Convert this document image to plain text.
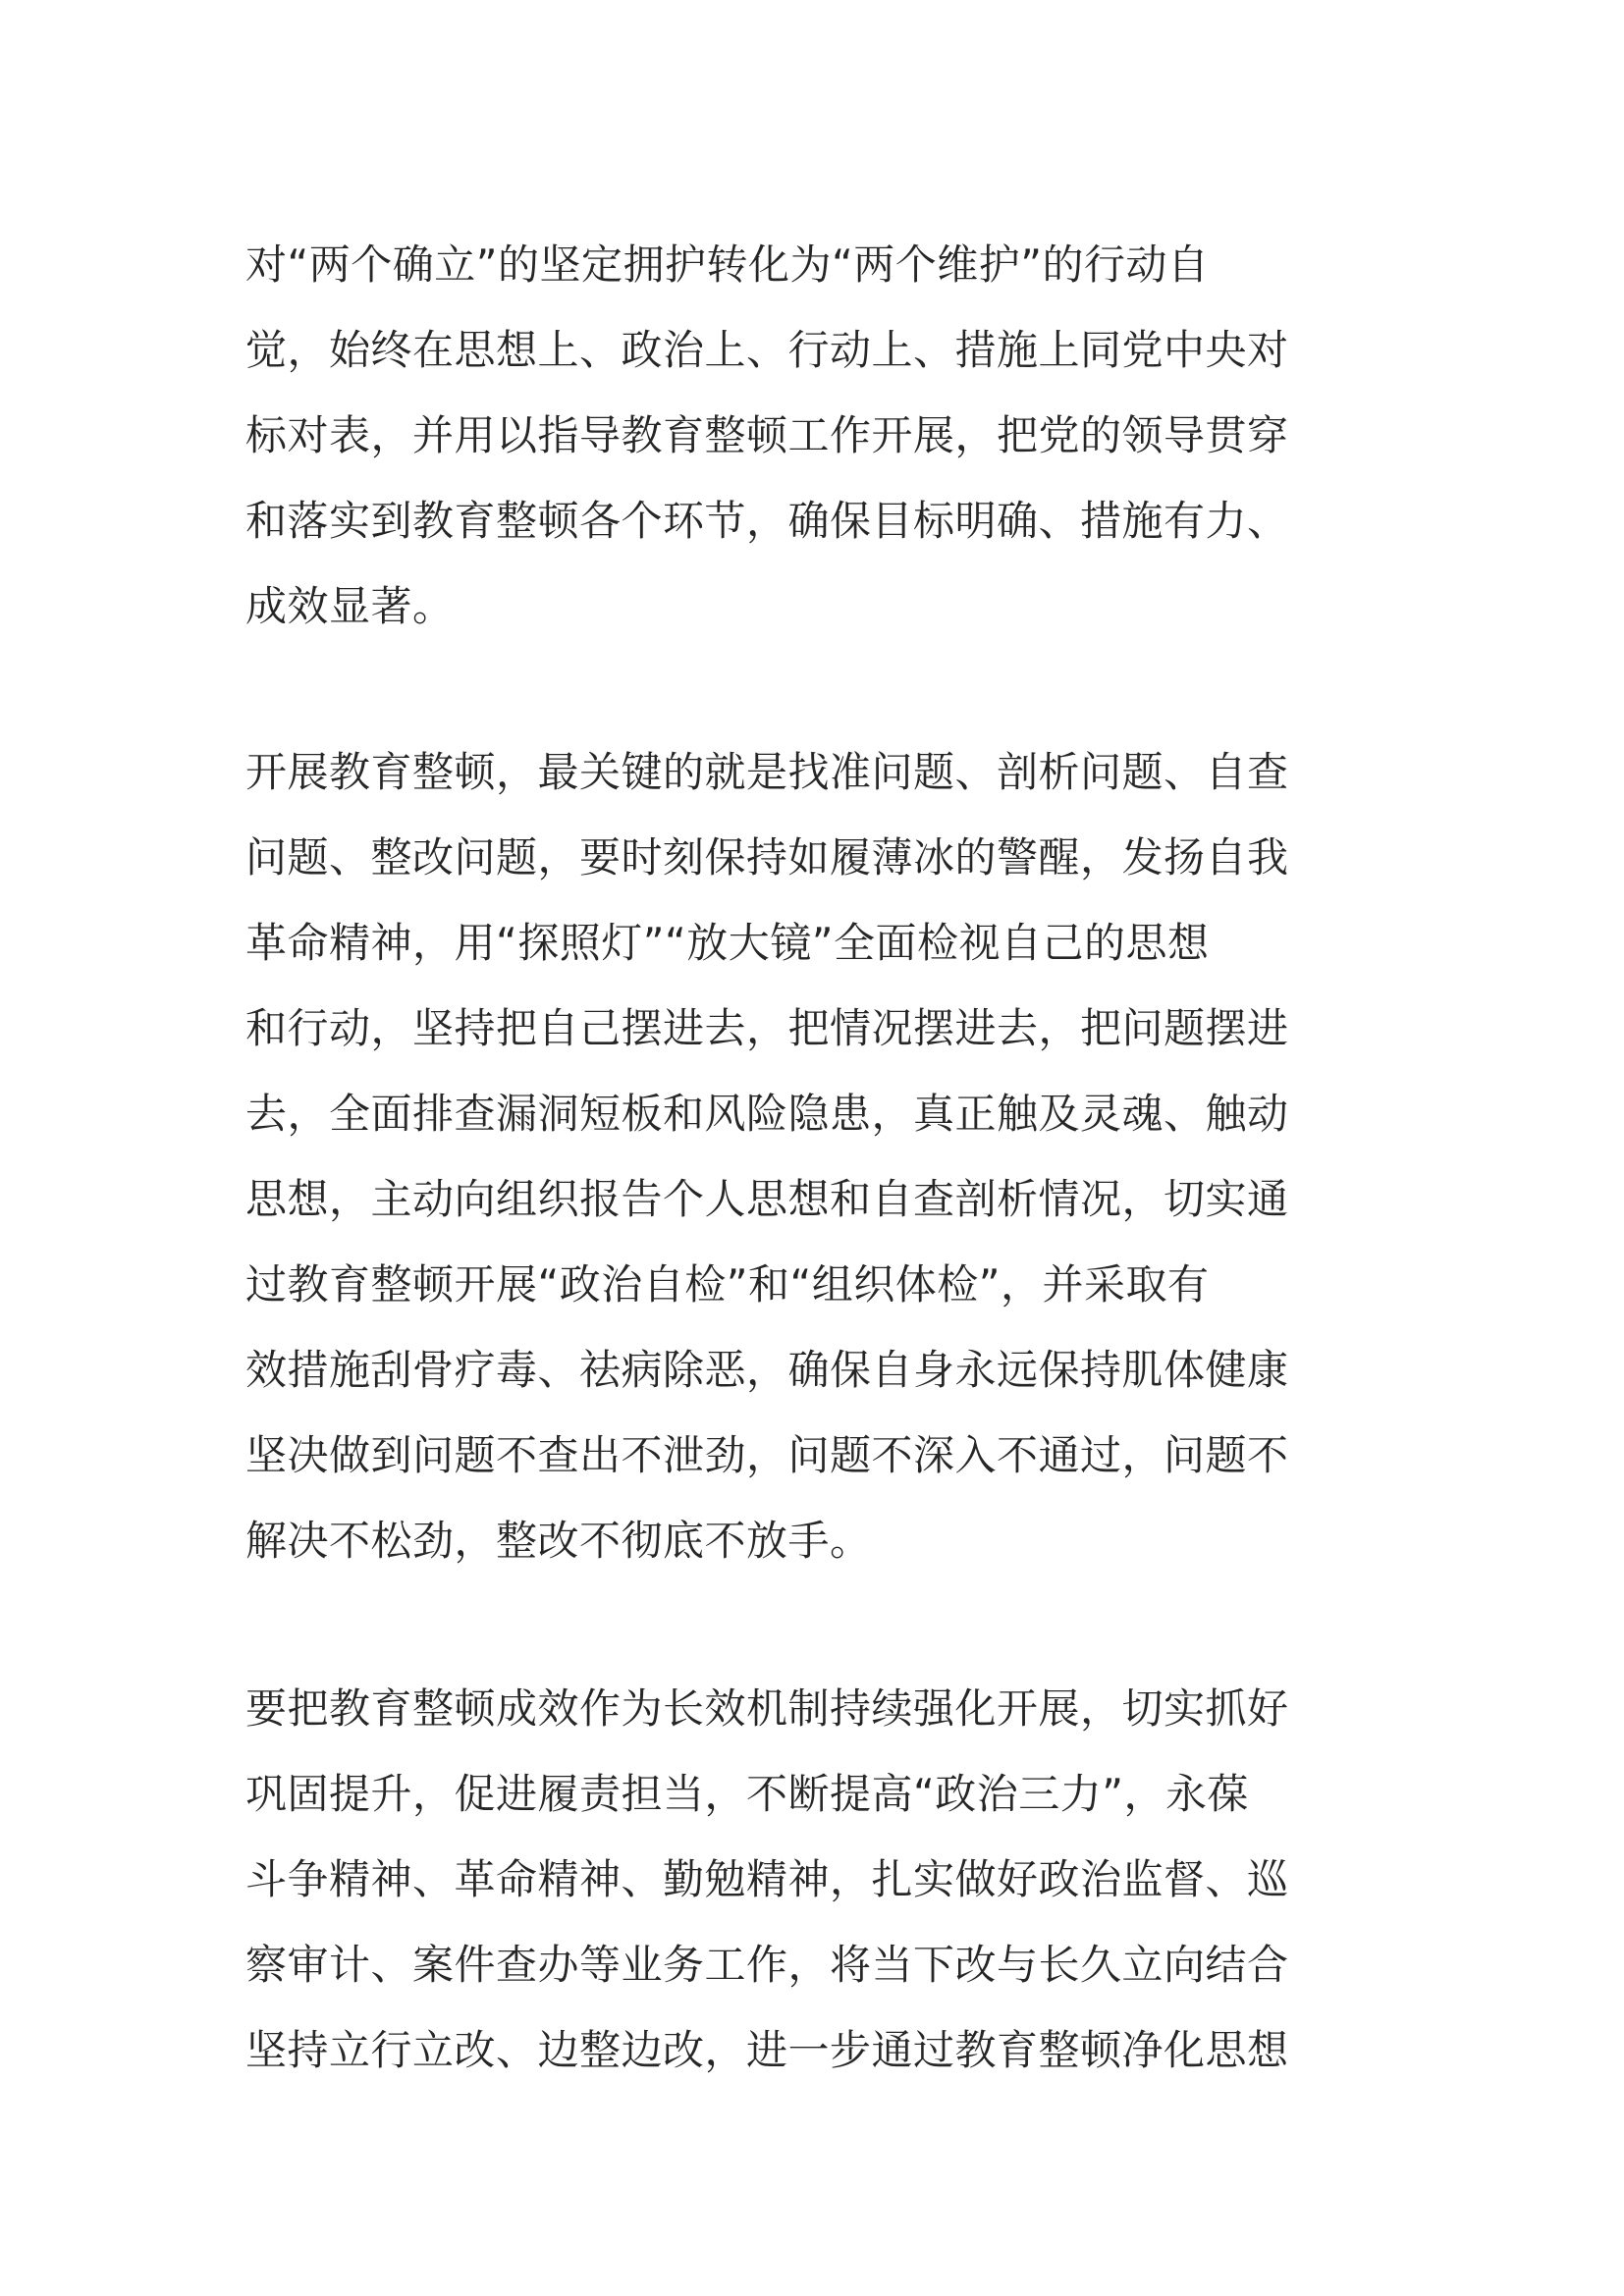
对“两个确立”的坚定拥护转化为“两个维护”的行动自
觉，始终在思想上、政治上、行动上、措施上同党中央对
标对表，并用以指导教育整顿工作开展，把党的领导贯穿
和落实到教育整顿各个环节，确保目标明确、措施有力、
成效显著。
开展教育整顿，最关键的就是找准问题、剖析问题、自查
问题、整改问题，要时刻保持如履薄冰的警醒，发扬自我
革命精神，用“探照灯”“放大镜”全面检视自己的思想
和行动，坚持把自己摆进去，把情况摆进去，把问题摆进
去，全面排查漏洞短板和风险隐患，真正触及灵魂、触动
思想，主动向组织报告个人思想和自查剖析情况，切实通
过教育整顿开展“政治自检”和“组织体检”，并采取有
效措施刮骨疗毒、祛病除恶，确保自身永远保持肌体健康
坚决做到问题不查出不泄劲，问题不深入不通过，问题不
解决不松劲，整改不彻底不放手。
要把教育整顿成效作为长效机制持续强化开展，切实抓好
巩固提升，促进履责担当，不断提高“政治三力”，永葆
斗争精神、革命精神、勤勉精神，扎实做好政治监督、巡
察审计、案件查办等业务工作，将当下改与长久立向结合
坚持立行立改、边整边改，进一步通过教育整顿净化思想
